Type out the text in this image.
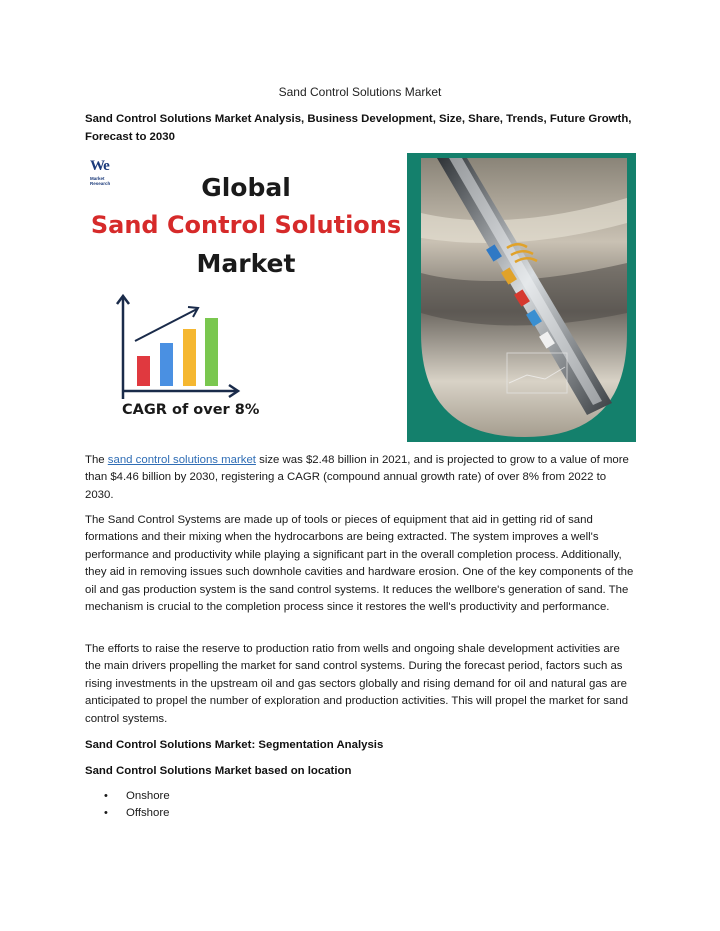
Sand Control Solutions Market
Sand Control Solutions Market Analysis, Business Development, Size, Share, Trends, Future Growth, Forecast to 2030
We
Market
Research	Global
Sand Control Solutions
Market
CAGR of over 8%
The sand control solutions market size was $2.48 billion in 2021, and is projected to grow to a value of more than $4.46 billion by 2030, registering a CAGR (compound annual growth rate) of over 8% from 2022 to 2030.
The Sand Control Systems are made up of tools or pieces of equipment that aid in getting rid of sand formations and their mixing when the hydrocarbons are being extracted. The system improves a well's performance and productivity while playing a significant part in the overall completion process. Additionally, they aid in removing issues such downhole cavities and hardware erosion. One of the key components of the oil and gas production system is the sand control systems. It reduces the wellbore's generation of sand. The mechanism is crucial to the completion process since it restores the well's productivity and performance.
The efforts to raise the reserve to production ratio from wells and ongoing shale development activities are the main drivers propelling the market for sand control systems. During the forecast period, factors such as rising investments in the upstream oil and gas sectors globally and rising demand for oil and natural gas are anticipated to propel the number of exploration and production activities. This will propel the market for sand control systems.
Sand Control Solutions Market: Segmentation Analysis
Sand Control Solutions Market based on location
•	Onshore
•	Offshore
